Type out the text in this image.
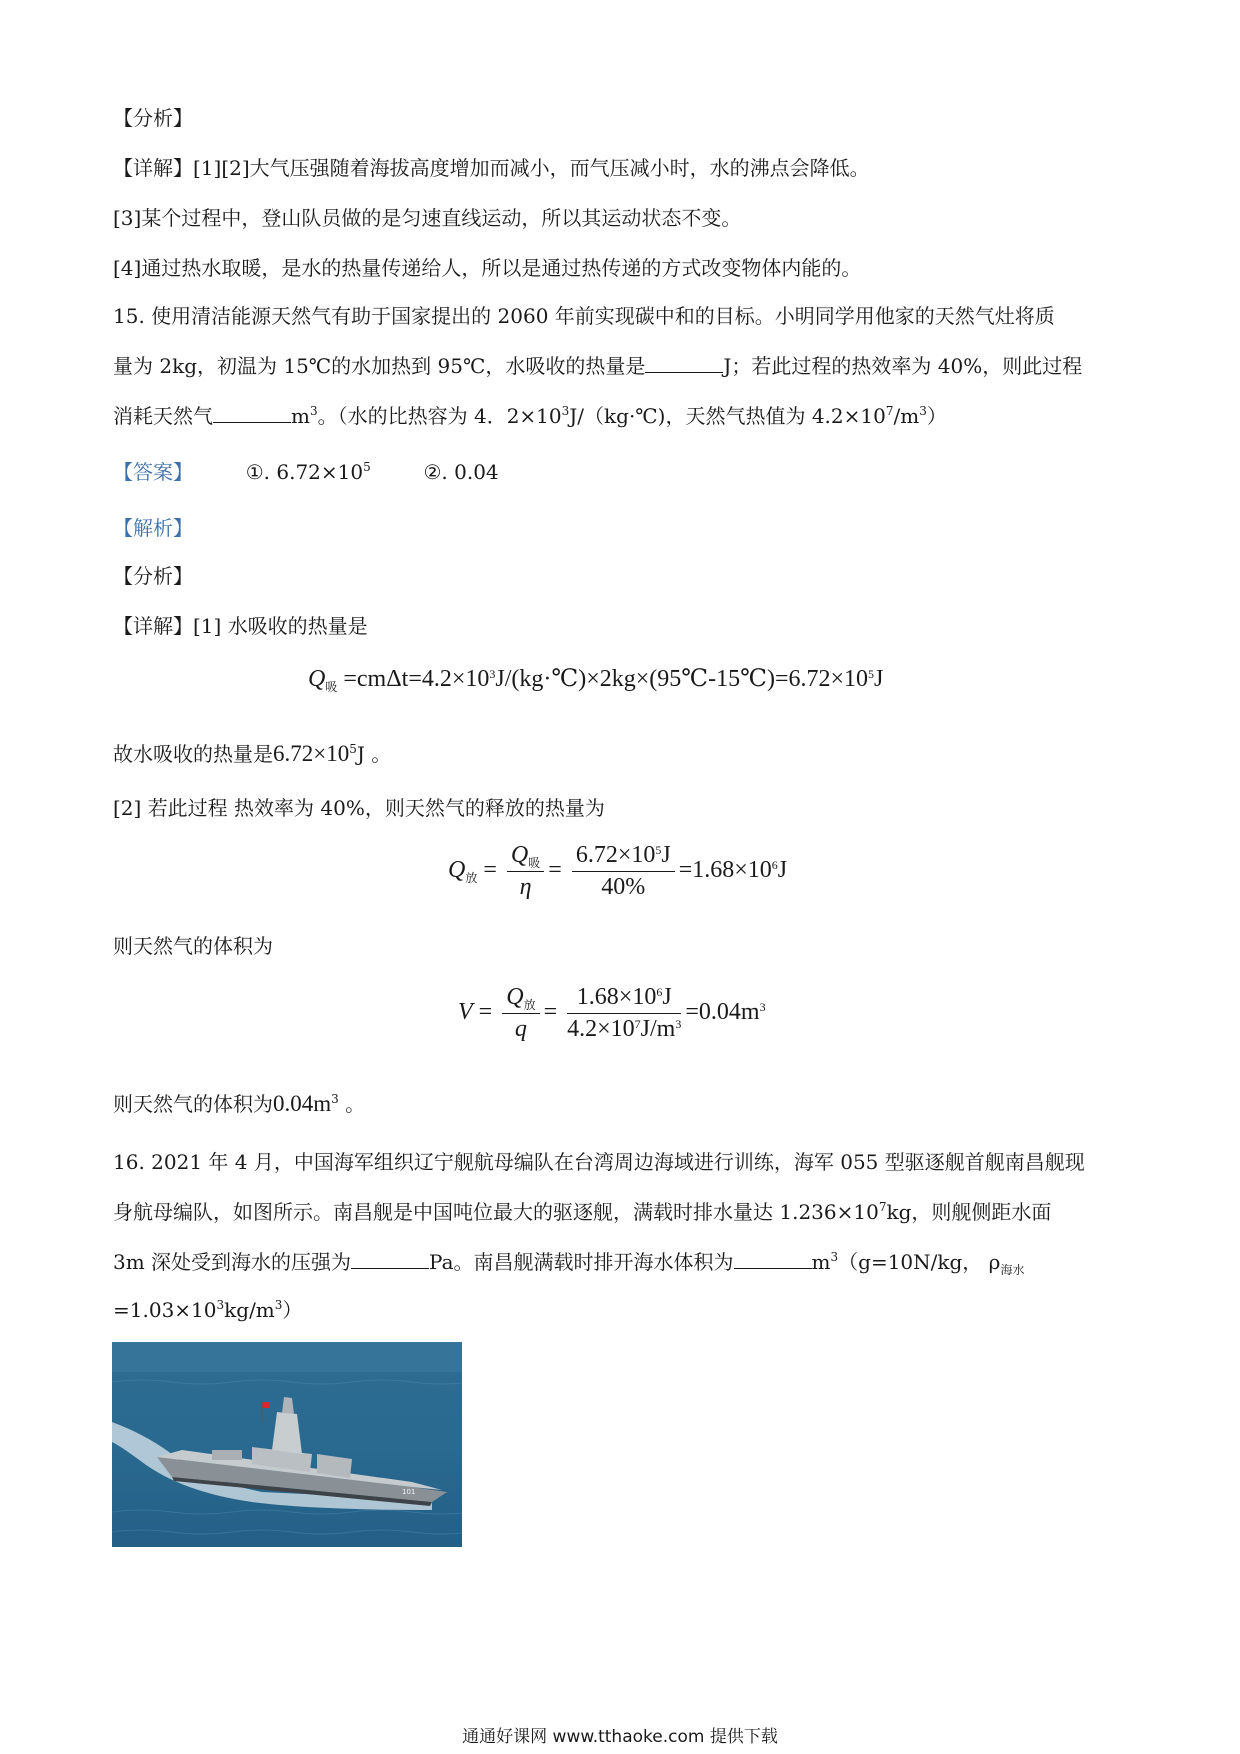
【分析】
【详解】[1][2]大气压强随着海拔高度增加而减小，而气压减小时，水的沸点会降低。
[3]某个过程中，登山队员做的是匀速直线运动，所以其运动状态不变。
[4]通过热水取暖，是水的热量传递给人，所以是通过热传递的方式改变物体内能的。
15. 使用清洁能源天然气有助于国家提出的 2060 年前实现碳中和的目标。小明同学用他家的天然气灶将质
量为 2kg，初温为 15℃的水加热到 95℃，水吸收的热量是	J；若此过程的热效率为 40%，则此过程
消耗天然气	$m^3$。（水的比热容为 4．$2\times 10^3J/(kg\cdot℃)$，天然气热值为 $4.2\times 10^7/m^3$）
【答案】	①. $6.72\times 10^5$	②. 0.04
【解析】
【分析】
【详解】[1] 水吸收的热量是
$Q_吸$ $=cm\Delta t=4.2\times 10^3J/(kg\cdot℃)\times 2kg\times(95℃-15℃)=6.72\times 10^5J$
故水吸收的热量是$6.72\times 10^5J$ 。
[2] 若此过程 热效率为 40%，则天然气的释放的热量为
$Q_放 = \frac{Q_吸}{\eta} = \frac{6.72\times 10^5J}{40\%} =1.68\times 10^6J$
则天然气的体积为
$V = \frac{Q_放}{q} = \frac{1.68\times 10^6J}{4.2\times 10^7J/m^3} =0.04m^3$
则天然气的体积为$0.04m^3$ 。
16. 2021 年 4 月，中国海军组织辽宁舰航母编队在台湾周边海域进行训练，海军 055 型驱逐舰首舰南昌舰现
身航母编队，如图所示。南昌舰是中国吨位最大的驱逐舰，满载时排水量达 $1.236\times 10^7kg$，则舰侧距水面
3m 深处受到海水的压强为	Pa。南昌舰满载时排开海水体积为	$m^3(g=10N/kg$， $\rho_{海水}$
$=1.03\times 10^3kg/m^3$）
101
通通好课网 www.tthaoke.com 提供下载
